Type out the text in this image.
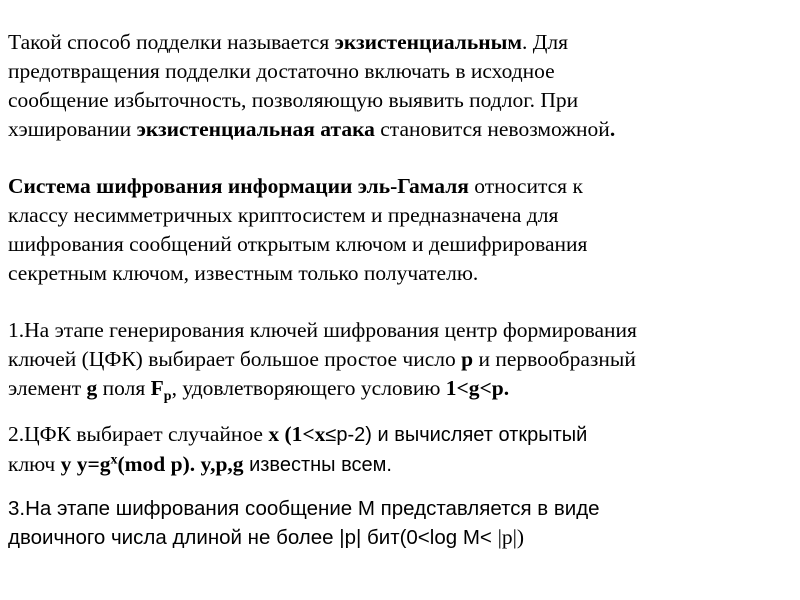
Такой способ подделки называется экзистенциальным. Для
предотвращения подделки достаточно включать в исходное
сообщение избыточность, позволяющую выявить подлог. При
хэшировании экзистенциальная атака становится невозможной.
Система шифрования информации эль-Гамаля относится к
классу несимметричных криптосистем и предназначена для
шифрования сообщений открытым ключом и дешифрирования
секретным ключом, известным только получателю.
1.На этапе генерирования ключей шифрования центр формирования
ключей (ЦФК) выбирает большое простое число p и первообразный
элемент g поля $F_p$, удовлетворяющего условию 1<g<p.
2.ЦФК выбирает случайное x (1<x≤p-2) и вычисляет открытый
ключ y $y=g^x(mod$ p). y,p,g известны всем.
3.На этапе шифрования сообщение M представляется в виде
двоичного числа длиной не более |p| бит(0<log M< |p|)
